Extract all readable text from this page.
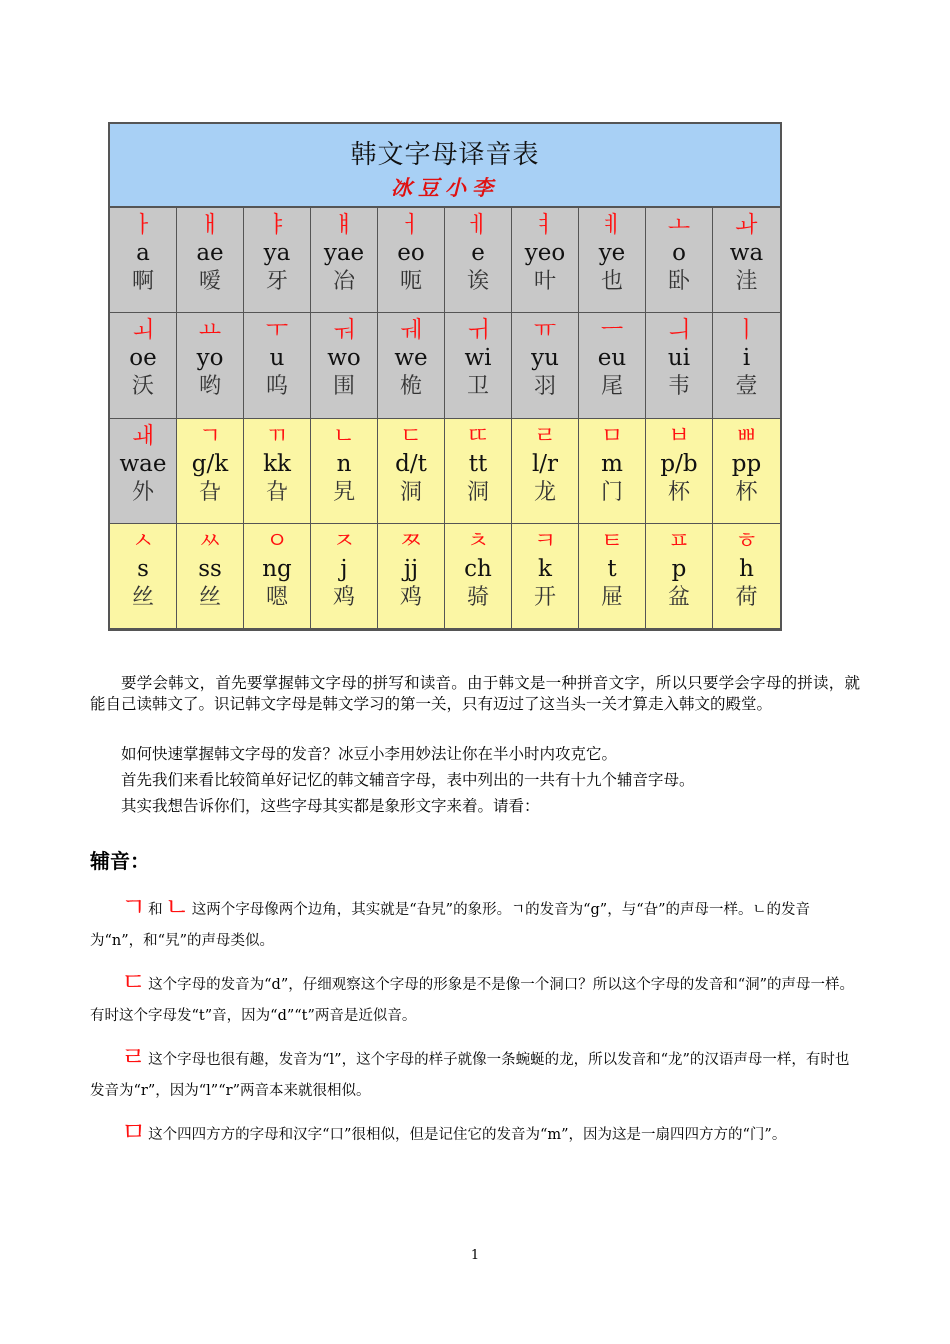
韩文字母译音表
冰豆小李
ㅏ
a
啊
ㅐ
ae
嗳
ㅑ
ya
牙
ㅒ
yae
冶
ㅓ
eo
呃
ㅔ
e
诶
ㅕ
yeo
叶
ㅖ
ye
也
ㅗ
o
卧
ㅘ
wa
洼
ㅚ
oe
沃
ㅛ
yo
哟
ㅜ
u
呜
ㅝ
wo
围
ㅞ
we
桅
ㅟ
wi
卫
ㅠ
yu
羽
ㅡ
eu
尾
ㅢ
ui
韦
ㅣ
i
壹
ㅙ
wae
外
ㄱ
g/k
旮
ㄲ
kk
旮
ㄴ
n
旯
ㄷ
d/t
洞
ㄸ
tt
洞
ㄹ
l/r
龙
ㅁ
m
门
ㅂ
p/b
杯
ㅃ
pp
杯
ㅅ
s
丝
ㅆ
ss
丝
ㅇ
ng
嗯
ㅈ
j
鸡
ㅉ
jj
鸡
ㅊ
ch
骑
ㅋ
k
开
ㅌ
t
屉
ㅍ
p
盆
ㅎ
h
荷
要学会韩文，首先要掌握韩文字母的拼写和读音。由于韩文是一种拼音文字，所以只要学会字母的拼读，就能自己读韩文了。识记韩文字母是韩文学习的第一关，只有迈过了这当头一关才算走入韩文的殿堂。
如何快速掌握韩文字母的发音？冰豆小李用妙法让你在半小时内攻克它。
首先我们来看比较简单好记忆的韩文辅音字母，表中列出的一共有十九个辅音字母。
其实我想告诉你们，这些字母其实都是象形文字来着。请看：
辅音：
ㄱ和ㄴ 这两个字母像两个边角，其实就是“旮旯”的象形。ㄱ的发音为“g”，与“旮”的声母一样。ㄴ的发音为“n”，和“旯”的声母类似。
ㄷ这个字母的发音为“d”，仔细观察这个字母的形象是不是像一个洞口？所以这个字母的发音和“洞”的声母一样。有时这个字母发“t”音，因为“d”“t”两音是近似音。
ㄹ这个字母也很有趣，发音为“l”，这个字母的样子就像一条蜿蜒的龙，所以发音和“龙”的汉语声母一样，有时也发音为“r”，因为“l”“r”两音本来就很相似。
ㅁ这个四四方方的字母和汉字“口”很相似，但是记住它的发音为“m”，因为这是一扇四四方方的“门”。
1
